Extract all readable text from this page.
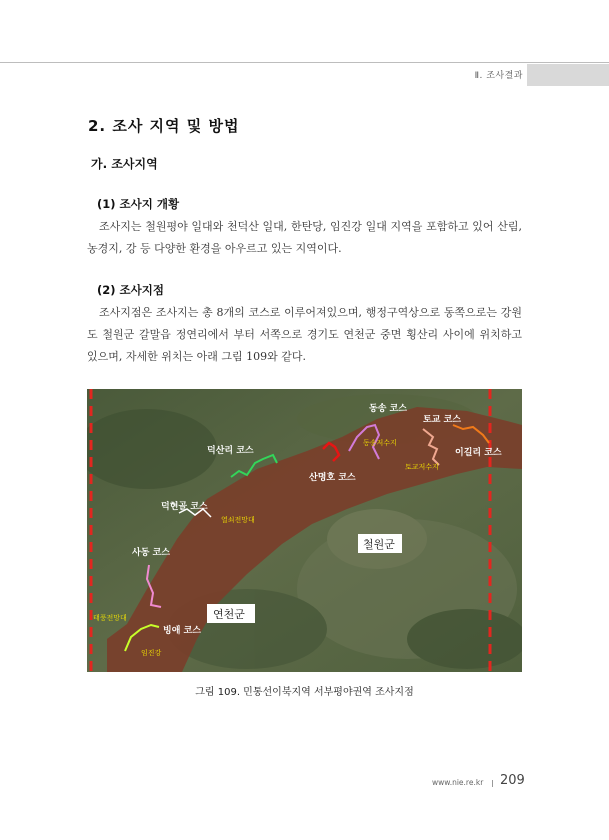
Ⅱ. 조사결과
2. 조사 지역 및 방법
가. 조사지역
(1) 조사지 개황

조사지는 철원평야 일대와 천덕산 일대, 한탄당, 임진강 일대 지역을 포함하고 있어 산림, 농경지, 강 등 다양한 환경을 아우르고 있는 지역이다.

(2) 조사지점

조사지점은 조사지는 총 8개의 코스로 이루어져있으며, 행정구역상으로 동쪽으로는 강원도 철원군 갈말읍 정연리에서 부터 서쪽으로 경기도 연천군 중면 횡산리 사이에 위치하고 있으며, 자세한 위치는 아래 그림 109와 같다.

동송 코스
토교 코스
동송저수지
토교저수지
이길리 코스
덕산리 코스
산명호 코스
덕현골 코스
열쇠전망대
사동 코스
태풍전망대
빙애 코스
임진강
철원군
연천군
그림 109. 민통선이북지역 서부평야권역 조사지점
www.nie.re.kr 209
